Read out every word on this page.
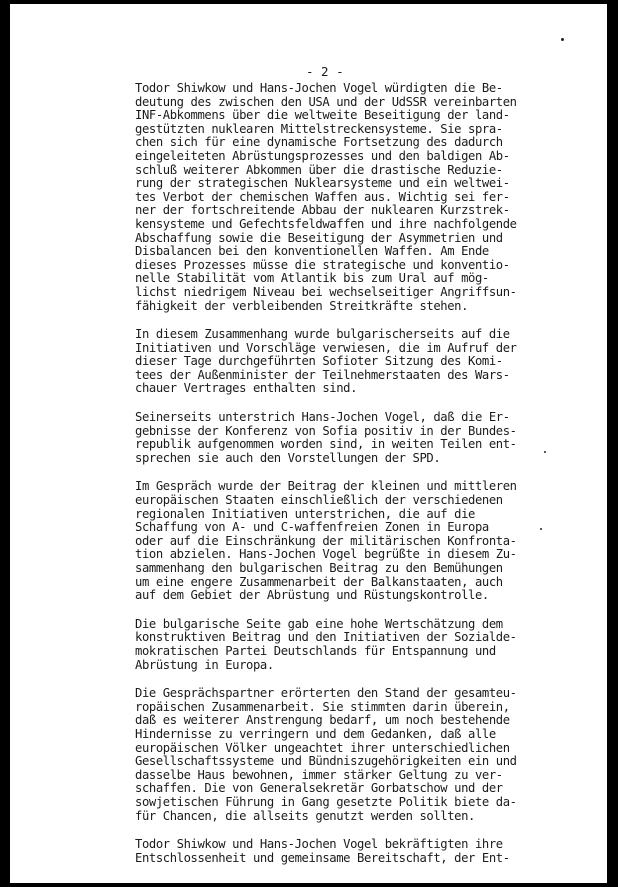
- 2 -
Todor Shiwkow und Hans-Jochen Vogel würdigten die Be-
deutung des zwischen den USA und der UdSSR vereinbarten
INF-Abkommens über die weltweite Beseitigung der land-
gestützten nuklearen Mittelstreckensysteme. Sie spra-
chen sich für eine dynamische Fortsetzung des dadurch
eingeleiteten Abrüstungsprozesses und den baldigen Ab-
schluß weiterer Abkommen über die drastische Reduzie-
rung der strategischen Nuklearsysteme und ein weltwei-
tes Verbot der chemischen Waffen aus. Wichtig sei fer-
ner der fortschreitende Abbau der nuklearen Kurzstrek-
kensysteme und Gefechtsfeldwaffen und ihre nachfolgende
Abschaffung sowie die Beseitigung der Asymmetrien und
Disbalancen bei den konventionellen Waffen. Am Ende
dieses Prozesses müsse die strategische und konventio-
nelle Stabilität vom Atlantik bis zum Ural auf mög-
lichst niedrigem Niveau bei wechselseitiger Angriffsun-
fähigkeit der verbleibenden Streitkräfte stehen.
In diesem Zusammenhang wurde bulgarischerseits auf die
Initiativen und Vorschläge verwiesen, die im Aufruf der
dieser Tage durchgeführten Sofioter Sitzung des Komi-
tees der Außenminister der Teilnehmerstaaten des Wars-
chauer Vertrages enthalten sind.
Seinerseits unterstrich Hans-Jochen Vogel, daß die Er-
gebnisse der Konferenz von Sofia positiv in der Bundes-
republik aufgenommen worden sind, in weiten Teilen ent-
sprechen sie auch den Vorstellungen der SPD.
Im Gespräch wurde der Beitrag der kleinen und mittleren
europäischen Staaten einschließlich der verschiedenen
regionalen Initiativen unterstrichen, die auf die
Schaffung von A- und C-waffenfreien Zonen in Europa
oder auf die Einschränkung der militärischen Konfronta-
tion abzielen. Hans-Jochen Vogel begrüßte in diesem Zu-
sammenhang den bulgarischen Beitrag zu den Bemühungen
um eine engere Zusammenarbeit der Balkanstaaten, auch
auf dem Gebiet der Abrüstung und Rüstungskontrolle.
Die bulgarische Seite gab eine hohe Wertschätzung dem
konstruktiven Beitrag und den Initiativen der Sozialde-
mokratischen Partei Deutschlands für Entspannung und
Abrüstung in Europa.
Die Gesprächspartner erörterten den Stand der gesamteu-
ropäischen Zusammenarbeit. Sie stimmten darin überein,
daß es weiterer Anstrengung bedarf, um noch bestehende
Hindernisse zu verringern und dem Gedanken, daß alle
europäischen Völker ungeachtet ihrer unterschiedlichen
Gesellschaftssysteme und Bündniszugehörigkeiten ein und
dasselbe Haus bewohnen, immer stärker Geltung zu ver-
schaffen. Die von Generalsekretär Gorbatschow und der
sowjetischen Führung in Gang gesetzte Politik biete da-
für Chancen, die allseits genutzt werden sollten.
Todor Shiwkow und Hans-Jochen Vogel bekräftigten ihre
Entschlossenheit und gemeinsame Bereitschaft, der Ent-
